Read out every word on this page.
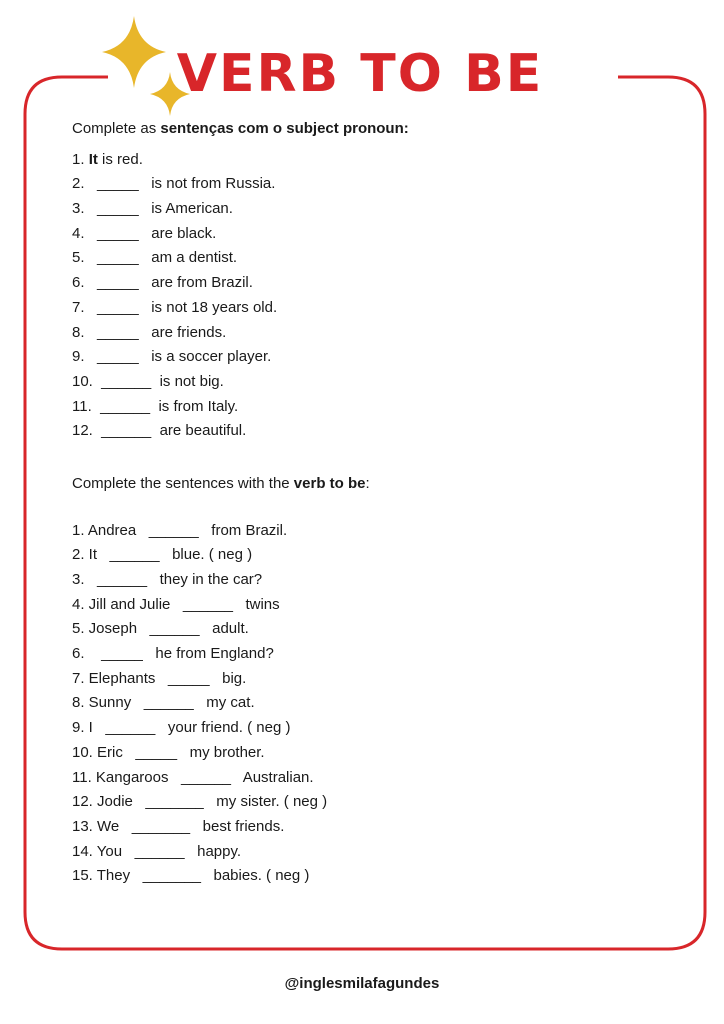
VERB TO BE

Complete as sentenças com o subject pronoun:

1. It is red.
2.   _____   is not from Russia.
3.   _____   is American.
4.   _____   are black.
5.   _____   am a dentist.
6.   _____   are from Brazil.
7.   _____   is not 18 years old.
8.   _____   are friends.
9.   _____   is a soccer player.
10.  ______  is not big.
11.  ______  is from Italy.
12.  ______  are beautiful.

Complete the sentences with the verb to be:

1. Andrea   ______   from Brazil.
2. It   ______   blue. ( neg )
3.   ______   they in the car?
4. Jill and Julie   ______   twins
5. Joseph   ______   adult.
6.    _____   he from England?
7. Elephants   _____   big.
8. Sunny   ______   my cat.
9. I   ______   your friend. ( neg )
10. Eric   _____   my brother.
11. Kangaroos   ______   Australian.
12. Jodie   _______   my sister. ( neg )
13. We   _______   best friends.
14. You   ______   happy.
15. They   _______   babies. ( neg )
@inglesmilafagundes
